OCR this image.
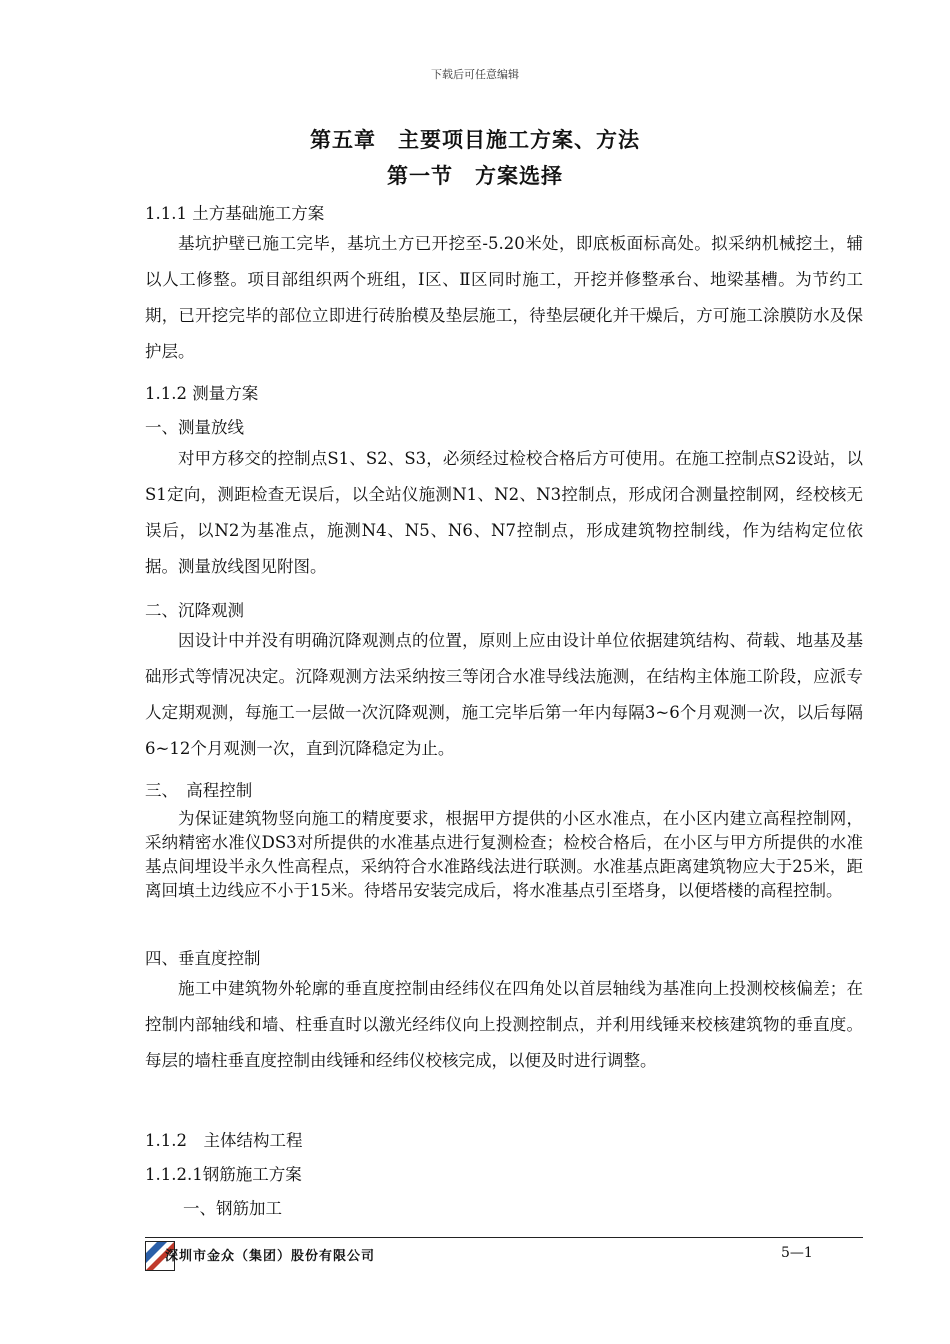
下载后可任意编辑
第五章　主要项目施工方案、方法
第一节　方案选择
1.1.1 土方基础施工方案
基坑护壁已施工完毕，基坑土方已开挖至-5.20米处，即底板面标高处。拟采纳机械挖土，辅以人工修整。项目部组织两个班组，Ⅰ区、Ⅱ区同时施工，开挖并修整承台、地梁基槽。为节约工期，已开挖完毕的部位立即进行砖胎模及垫层施工，待垫层硬化并干燥后，方可施工涂膜防水及保护层。
1.1.2 测量方案
一、测量放线
对甲方移交的控制点S1、S2、S3，必须经过检校合格后方可使用。在施工控制点S2设站，以S1定向，测距检查无误后，以全站仪施测N1、N2、N3控制点，形成闭合测量控制网，经校核无误后，以N2为基准点，施测N4、N5、N6、N7控制点，形成建筑物控制线，作为结构定位依据。测量放线图见附图。
二、沉降观测
因设计中并没有明确沉降观测点的位置，原则上应由设计单位依据建筑结构、荷载、地基及基础形式等情况决定。沉降观测方法采纳按三等闭合水准导线法施测，在结构主体施工阶段，应派专人定期观测，每施工一层做一次沉降观测，施工完毕后第一年内每隔3~6个月观测一次，以后每隔6~12个月观测一次，直到沉降稳定为止。
三、　高程控制
为保证建筑物竖向施工的精度要求，根据甲方提供的小区水准点，在小区内建立高程控制网，采纳精密水准仪DS3对所提供的水准基点进行复测检查；检校合格后，在小区与甲方所提供的水准基点间埋设半永久性高程点，采纳符合水准路线法进行联测。水准基点距离建筑物应大于25米，距离回填土边线应不小于15米。待塔吊安装完成后，将水准基点引至塔身，以便塔楼的高程控制。
四、垂直度控制
施工中建筑物外轮廓的垂直度控制由经纬仪在四角处以首层轴线为基准向上投测校核偏差；在控制内部轴线和墙、柱垂直时以激光经纬仪向上投测控制点，并利用线锤来校核建筑物的垂直度。每层的墙柱垂直度控制由线锤和经纬仪校核完成，以便及时进行调整。
1.1.2　主体结构工程
1.1.2.1钢筋施工方案
一、钢筋加工
深圳市金众（集团）股份有限公司	5—1
